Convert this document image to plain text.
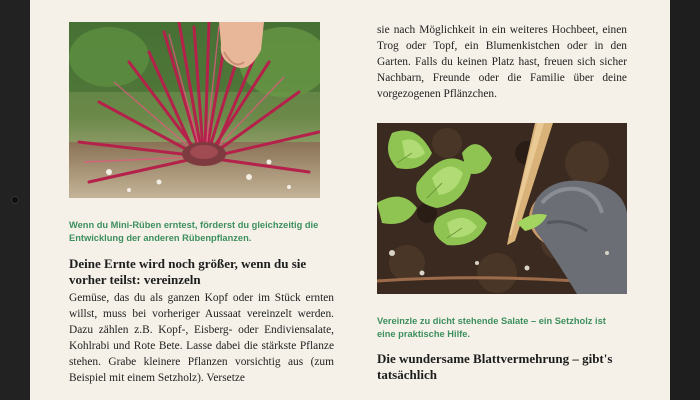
Wenn du Mini-Rüben erntest, förderst du gleichzeitig die Entwicklung der anderen Rübenpflanzen.
Deine Ernte wird noch größer, wenn du sie vorher teilst: vereinzeln

Gemüse, das du als ganzen Kopf oder im Stück ernten willst, muss bei vorheriger Aussaat vereinzelt werden. Dazu zählen z.B. Kopf-, Eisberg- oder Endiviensalate, Kohlrabi und Rote Bete. Lasse dabei die stärkste Pflanze stehen. Grabe kleinere Pflanzen vorsichtig aus (zum Beispiel mit einem Setzholz). Versetze

sie nach Möglichkeit in ein weiteres Hochbeet, einen Trog oder Topf, ein Blumenkistchen oder in den Garten. Falls du keinen Platz hast, freuen sich sicher Nachbarn, Freunde oder die Familie über deine vorgezogenen Pflänzchen.

Vereinzle zu dicht stehende Salate – ein Setzholz ist eine praktische Hilfe.
Die wundersame Blattvermehrung – gibt's tatsächlich
